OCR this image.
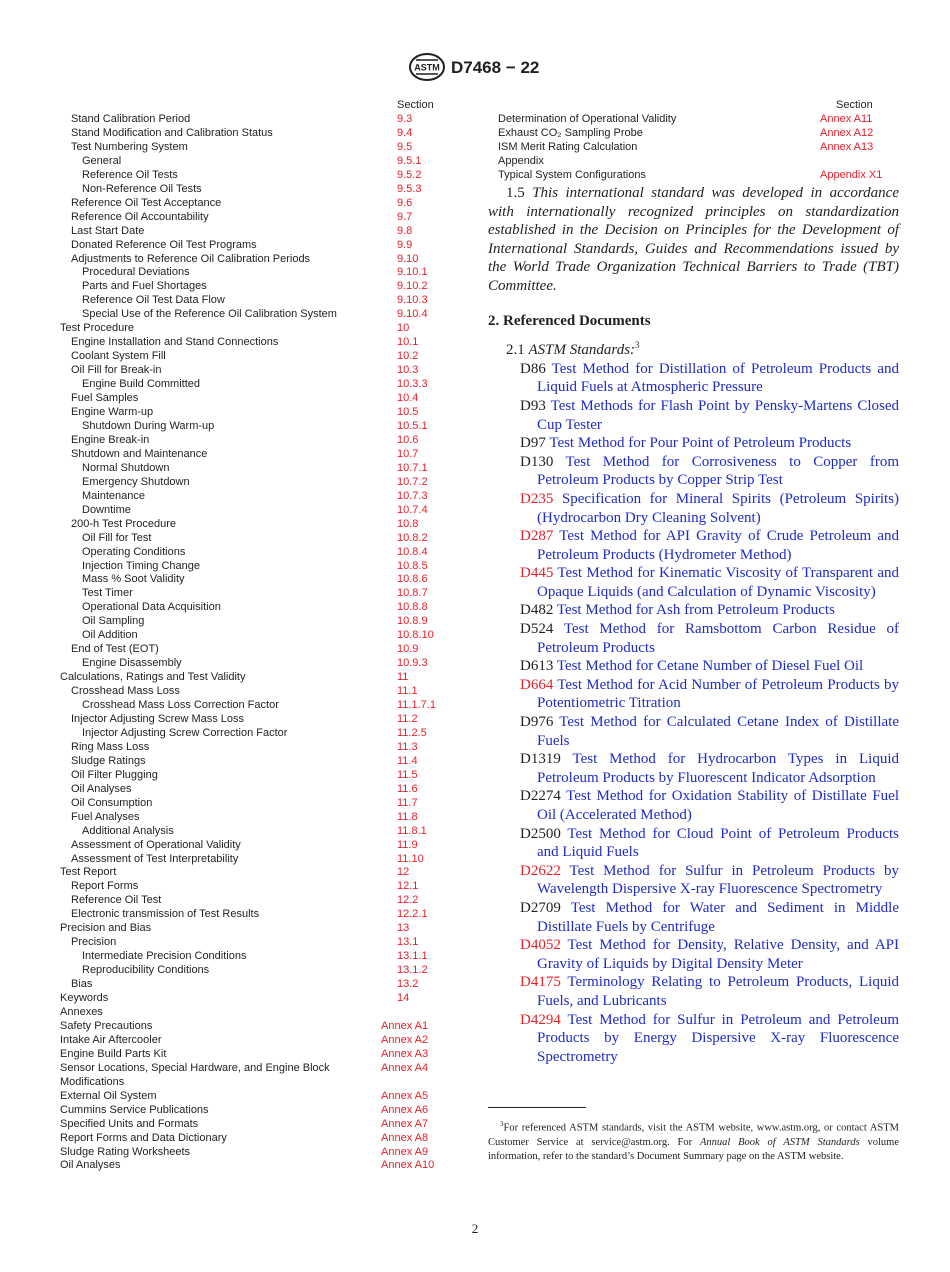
ASTM D7468 − 22
Section
Stand Calibration Period	9.3
Stand Modification and Calibration Status	9.4
Test Numbering System	9.5
General	9.5.1
Reference Oil Tests	9.5.2
Non-Reference Oil Tests	9.5.3
Reference Oil Test Acceptance	9.6
Reference Oil Accountability	9.7
Last Start Date	9.8
Donated Reference Oil Test Programs	9.9
Adjustments to Reference Oil Calibration Periods	9.10
Procedural Deviations	9.10.1
Parts and Fuel Shortages	9.10.2
Reference Oil Test Data Flow	9.10.3
Special Use of the Reference Oil Calibration System	9.10.4
Test Procedure	10
Engine Installation and Stand Connections	10.1
Coolant System Fill	10.2
Oil Fill for Break-in	10.3
Engine Build Committed	10.3.3
Fuel Samples	10.4
Engine Warm-up	10.5
Shutdown During Warm-up	10.5.1
Engine Break-in	10.6
Shutdown and Maintenance	10.7
Normal Shutdown	10.7.1
Emergency Shutdown	10.7.2
Maintenance	10.7.3
Downtime	10.7.4
200-h Test Procedure	10.8
Oil Fill for Test	10.8.2
Operating Conditions	10.8.4
Injection Timing Change	10.8.5
Mass % Soot Validity	10.8.6
Test Timer	10.8.7
Operational Data Acquisition	10.8.8
Oil Sampling	10.8.9
Oil Addition	10.8.10
End of Test (EOT)	10.9
Engine Disassembly	10.9.3
Calculations, Ratings and Test Validity	11
Crosshead Mass Loss	11.1
Crosshead Mass Loss Correction Factor	11.1.7.1
Injector Adjusting Screw Mass Loss	11.2
Injector Adjusting Screw Correction Factor	11.2.5
Ring Mass Loss	11.3
Sludge Ratings	11.4
Oil Filter Plugging	11.5
Oil Analyses	11.6
Oil Consumption	11.7
Fuel Analyses	11.8
Additional Analysis	11.8.1
Assessment of Operational Validity	11.9
Assessment of Test Interpretability	11.10
Test Report	12
Report Forms	12.1
Reference Oil Test	12.2
Electronic transmission of Test Results	12.2.1
Precision and Bias	13
Precision	13.1
Intermediate Precision Conditions	13.1.1
Reproducibility Conditions	13.1.2
Bias	13.2
Keywords	14
Annexes
Safety Precautions	Annex A1
Intake Air Aftercooler	Annex A2
Engine Build Parts Kit	Annex A3
Sensor Locations, Special Hardware, and Engine Block	Annex A4
Modifications
External Oil System	Annex A5
Cummins Service Publications	Annex A6
Specified Units and Formats	Annex A7
Report Forms and Data Dictionary	Annex A8
Sludge Rating Worksheets	Annex A9
Oil Analyses	Annex A10
Section
Determination of Operational Validity	Annex A11
Exhaust CO₂ Sampling Probe	Annex A12
ISM Merit Rating Calculation	Annex A13
Appendix
Typical System Configurations	Appendix X1

1.5 This international standard was developed in accordance with internationally recognized principles on standardization established in the Decision on Principles for the Development of International Standards, Guides and Recommendations issued by the World Trade Organization Technical Barriers to Trade (TBT) Committee.

2. Referenced Documents
2.1 ASTM Standards:$^3$

D86 Test Method for Distillation of Petroleum Products and Liquid Fuels at Atmospheric Pressure

D93 Test Methods for Flash Point by Pensky-Martens Closed Cup Tester

D97 Test Method for Pour Point of Petroleum Products

D130 Test Method for Corrosiveness to Copper from Petroleum Products by Copper Strip Test

D235 Specification for Mineral Spirits (Petroleum Spirits) (Hydrocarbon Dry Cleaning Solvent)

D287 Test Method for API Gravity of Crude Petroleum and Petroleum Products (Hydrometer Method)

D445 Test Method for Kinematic Viscosity of Transparent and Opaque Liquids (and Calculation of Dynamic Viscosity)

D482 Test Method for Ash from Petroleum Products

D524 Test Method for Ramsbottom Carbon Residue of Petroleum Products

D613 Test Method for Cetane Number of Diesel Fuel Oil

D664 Test Method for Acid Number of Petroleum Products by Potentiometric Titration

D976 Test Method for Calculated Cetane Index of Distillate Fuels

D1319 Test Method for Hydrocarbon Types in Liquid Petroleum Products by Fluorescent Indicator Adsorption

D2274 Test Method for Oxidation Stability of Distillate Fuel Oil (Accelerated Method)

D2500 Test Method for Cloud Point of Petroleum Products and Liquid Fuels

D2622 Test Method for Sulfur in Petroleum Products by Wavelength Dispersive X-ray Fluorescence Spectrometry

D2709 Test Method for Water and Sediment in Middle Distillate Fuels by Centrifuge

D4052 Test Method for Density, Relative Density, and API Gravity of Liquids by Digital Density Meter

D4175 Terminology Relating to Petroleum Products, Liquid Fuels, and Lubricants

D4294 Test Method for Sulfur in Petroleum and Petroleum Products by Energy Dispersive X-ray Fluorescence Spectrometry

$^3$For referenced ASTM standards, visit the ASTM website, www.astm.org, or contact ASTM Customer Service at service@astm.org. For Annual Book of ASTM Standards volume information, refer to the standard’s Document Summary page on the ASTM website.
2
